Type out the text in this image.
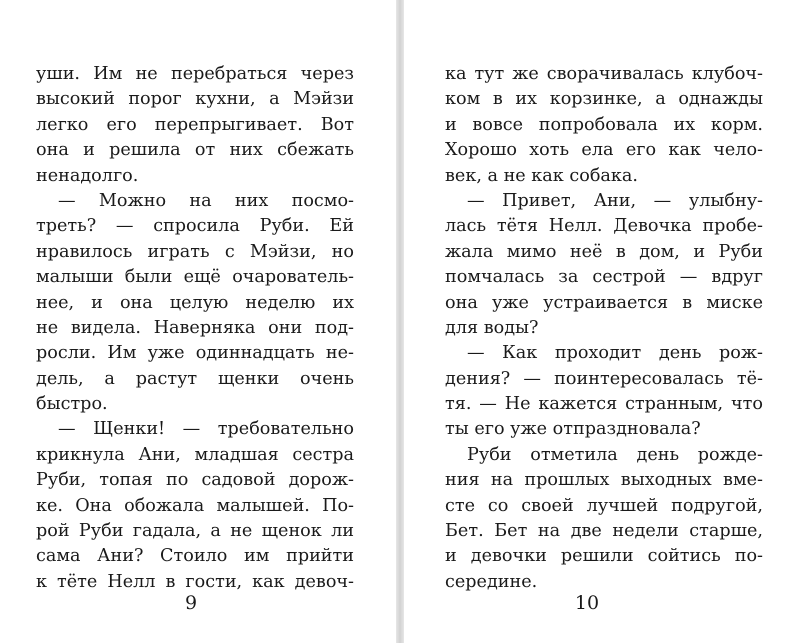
уши. Им не перебраться через
высокий порог кухни, а Мэйзи
легко его перепрыгивает. Вот
она и решила от них сбежать
ненадолго.
— Можно на них посмо-
треть? — спросила Руби. Ей
нравилось играть с Мэйзи, но
малыши были ещё очарователь-
нее, и она целую неделю их
не видела. Наверняка они под-
росли. Им уже одиннадцать не-
дель, а растут щенки очень
быстро.
— Щенки! — требовательно
крикнула Ани, младшая сестра
Руби, топая по садовой дорож-
ке. Она обожала малышей. По-
рой Руби гадала, а не щенок ли
сама Ани? Стоило им прийти
к тёте Нелл в гости, как девоч-
9
ка тут же сворачивалась клубоч-
ком в их корзинке, а однажды
и вовсе попробовала их корм.
Хорошо хоть ела его как чело-
век, а не как собака.
— Привет, Ани, — улыбну-
лась тётя Нелл. Девочка пробе-
жала мимо неё в дом, и Руби
помчалась за сестрой — вдруг
она уже устраивается в миске
для воды?
— Как проходит день рож-
дения? — поинтересовалась тё-
тя. — Не кажется странным, что
ты его уже отпраздновала?
Руби отметила день рожде-
ния на прошлых выходных вме-
сте со своей лучшей подругой,
Бет. Бет на две недели старше,
и девочки решили сойтись по-
середине.
10
